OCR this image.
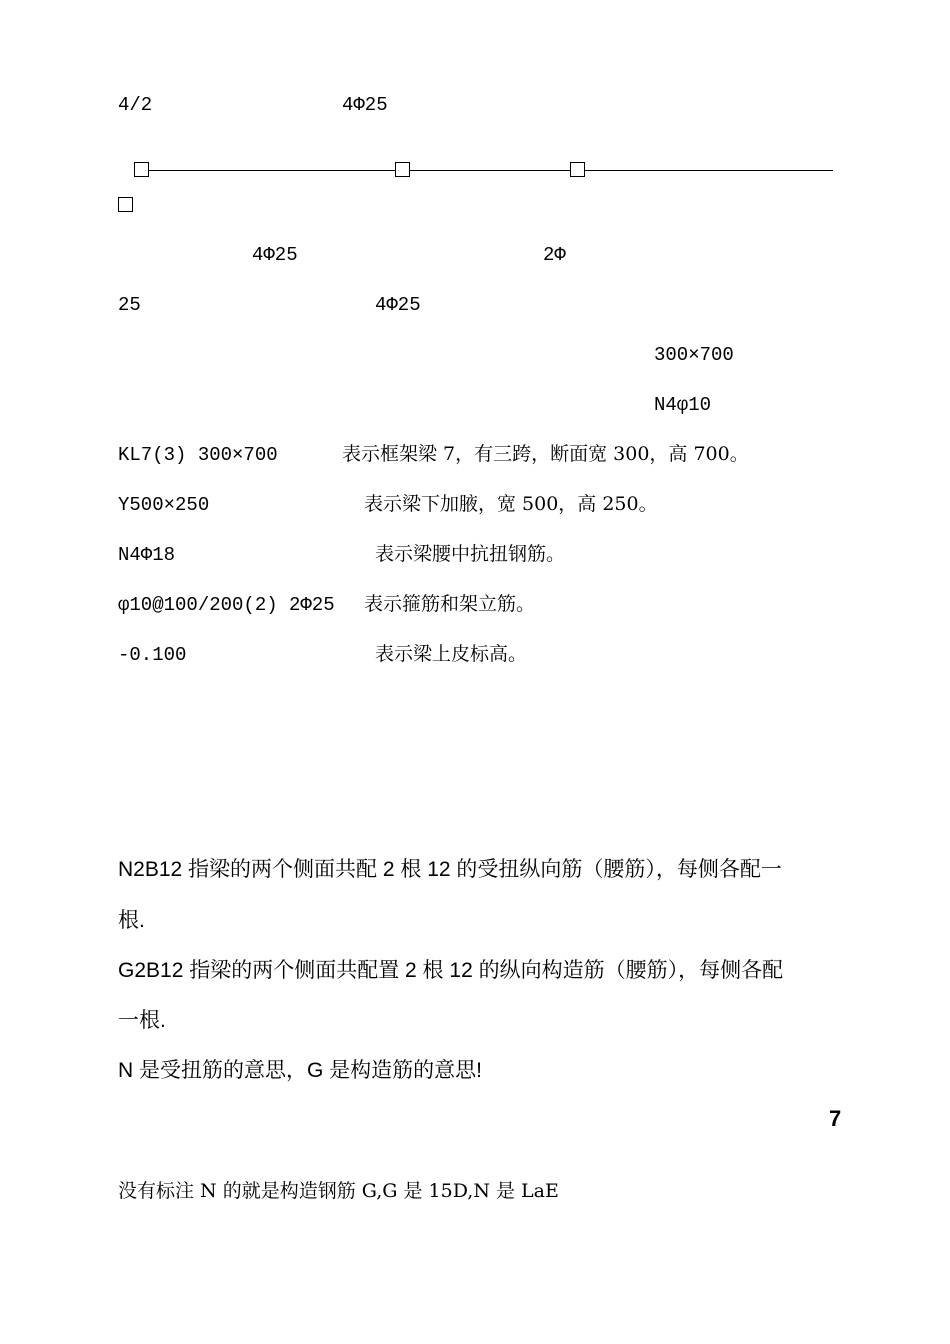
4/2	4Φ25

4Φ25	2Φ
25	4Φ25
300×700
N4φ10
KL7(3) 300×700	表示框架梁 7，有三跨，断面宽 300，高 700。
Y500×250	表示梁下加腋，宽 500，高 250。
N4Φ18	表示梁腰中抗扭钢筋。
φ10@100/200(2) 2Φ25 表示箍筋和架立筋。
-0.100	表示梁上皮标高。
N2B12 指梁的两个侧面共配 2 根 12 的受扭纵向筋（腰筋），每侧各配一
根.
G2B12 指梁的两个侧面共配置 2 根 12 的纵向构造筋（腰筋），每侧各配
一根.
N 是受扭筋的意思，G 是构造筋的意思!
7
没有标注 N 的就是构造钢筋 G,G 是 15D,N 是 LaE
